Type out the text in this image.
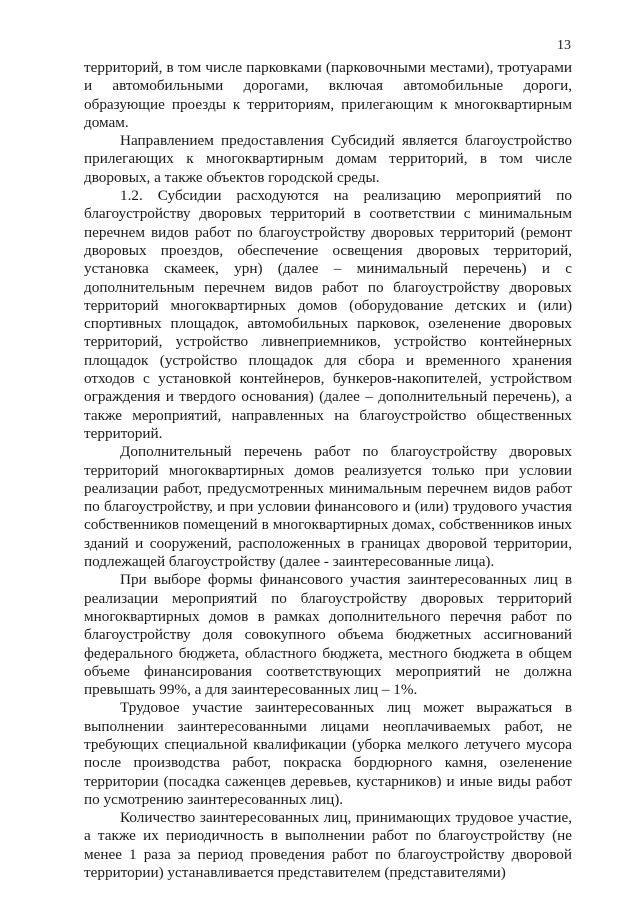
13

территорий, в том числе парковками (парковочными местами), тротуарами и автомобильными дорогами, включая автомобильные дороги, образующие проезды к территориям, прилегающим к многоквартирным домам.

Направлением предоставления Субсидий является благоустройство прилегающих к многоквартирным домам территорий, в том числе дворовых, а также объектов городской среды.

1.2. Субсидии расходуются на реализацию мероприятий по благоустройству дворовых территорий в соответствии с минимальным перечнем видов работ по благоустройству дворовых территорий (ремонт дворовых проездов, обеспечение освещения дворовых территорий, установка скамеек, урн) (далее – минимальный перечень) и с дополнительным перечнем видов работ по благоустройству дворовых территорий многоквартирных домов (оборудование детских и (или) спортивных площадок, автомобильных парковок, озеленение дворовых территорий, устройство ливнеприемников, устройство контейнерных площадок (устройство площадок для сбора и временного хранения отходов с установкой контейнеров, бункеров-накопителей, устройством ограждения и твердого основания) (далее – дополнительный перечень), а также мероприятий, направленных на благоустройство общественных территорий.

Дополнительный перечень работ по благоустройству дворовых территорий многоквартирных домов реализуется только при условии реализации работ, предусмотренных минимальным перечнем видов работ по благоустройству, и при условии финансового и (или) трудового участия собственников помещений в многоквартирных домах, собственников иных зданий и сооружений, расположенных в границах дворовой территории, подлежащей благоустройству (далее - заинтересованные лица).

При выборе формы финансового участия заинтересованных лиц в реализации мероприятий по благоустройству дворовых территорий многоквартирных домов в рамках дополнительного перечня работ по благоустройству доля совокупного объема бюджетных ассигнований федерального бюджета, областного бюджета, местного бюджета в общем объеме финансирования соответствующих мероприятий не должна превышать 99%, а для заинтересованных лиц – 1%.

Трудовое участие заинтересованных лиц может выражаться в выполнении заинтересованными лицами неоплачиваемых работ, не требующих специальной квалификации (уборка мелкого летучего мусора после производства работ, покраска бордюрного камня, озеленение территории (посадка саженцев деревьев, кустарников) и иные виды работ по усмотрению заинтересованных лиц).

Количество заинтересованных лиц, принимающих трудовое участие, а также их периодичность в выполнении работ по благоустройству (не менее 1 раза за период проведения работ по благоустройству дворовой территории) устанавливается представителем (представителями)
